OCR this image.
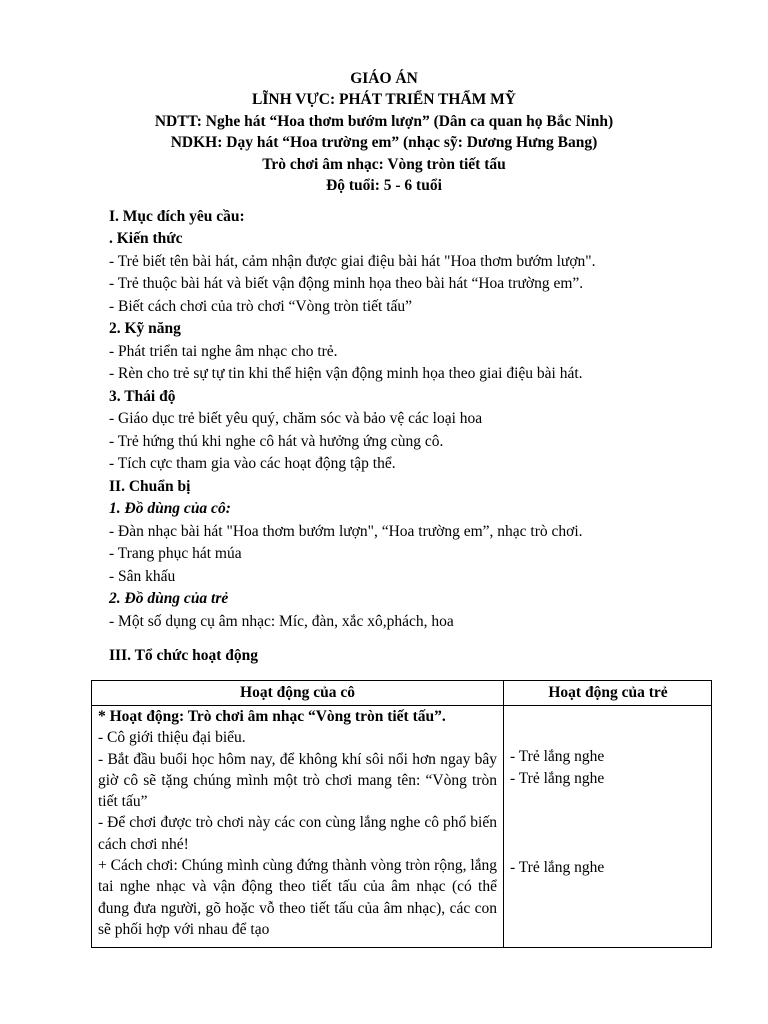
GIÁO ÁN
LĨNH VỰC: PHÁT TRIỂN THẨM MỸ
NDTT: Nghe hát “Hoa thơm bướm lượn” (Dân ca quan họ Bắc Ninh)
NDKH: Dạy hát “Hoa trường em” (nhạc sỹ: Dương Hưng Bang)
Trò chơi âm nhạc: Vòng tròn tiết tấu
Độ tuổi: 5 - 6 tuổi
I. Mục đích yêu cầu:
. Kiến thức
- Trẻ biết tên bài hát, cảm nhận được giai điệu bài hát "Hoa thơm bướm lượn".
- Trẻ thuộc bài hát và biết vận động minh họa theo bài hát “Hoa trường em”.
- Biết cách chơi của trò chơi “Vòng tròn tiết tấu”
2. Kỹ năng
- Phát triển tai nghe âm nhạc cho trẻ.
- Rèn cho trẻ sự tự tin khi thể hiện vận động minh họa theo giai điệu bài hát.
3. Thái độ
- Giáo dục trẻ biết yêu quý, chăm sóc và bảo vệ các loại hoa
- Trẻ hứng thú khi nghe cô hát và hưởng ứng cùng cô.
- Tích cực tham gia vào các hoạt động tập thể.
II. Chuẩn bị
1. Đồ dùng của cô:
- Đàn nhạc bài hát "Hoa thơm bướm lượn", “Hoa trường em”, nhạc trò chơi.
- Trang phục hát múa
- Sân khấu
2. Đồ dùng của trẻ
- Một số dụng cụ âm nhạc: Míc, đàn, xắc xô,phách, hoa
III. Tổ chức hoạt động
Hoạt động của cô	Hoạt động của trẻ

* Hoạt động: Trò chơi âm nhạc “Vòng tròn tiết tấu”.

- Cô giới thiệu đại biểu.

- Bắt đầu buổi học hôm nay, để không khí sôi nổi hơn ngay bây giờ cô sẽ tặng chúng mình một trò chơi mang tên: “Vòng tròn tiết tấu”

- Để chơi được trò chơi này các con cùng lắng nghe cô phổ biến cách chơi nhé!

+ Cách chơi: Chúng mình cùng đứng thành vòng tròn rộng, lắng tai nghe nhạc và vận động theo tiết tấu của âm nhạc (có thể đung đưa người, gõ hoặc vỗ theo tiết tấu của âm nhạc), các con sẽ phối hợp với nhau để tạo

- Trẻ lắng nghe
- Trẻ lắng nghe
- Trẻ lắng nghe
